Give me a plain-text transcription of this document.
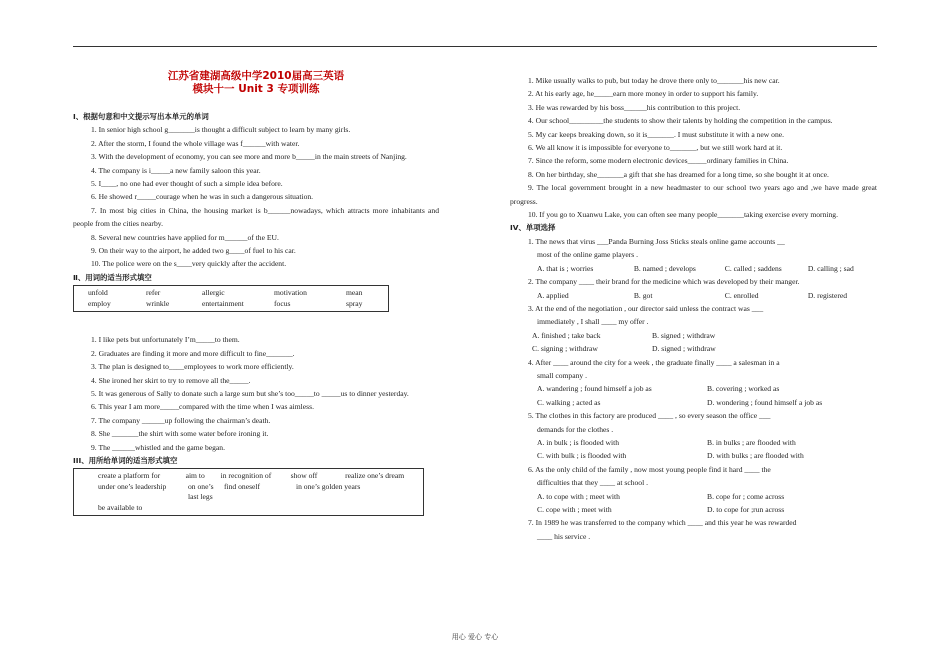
江苏省建湖高级中学2010届高三英语
模块十一 Unit 3 专项训练
Ⅰ、根据句意和中文提示写出本单元的单词
1. In senior high school g_______is thought a difficult subject to learn by many girls.
2. After the storm, I found the whole village was f______with water.
3. With the development of economy, you can see more and more b_____in the main streets of Nanjing.
4. The company is i_____a new family saloon this year.
5. I____, no one had ever thought of such a simple idea before.
6. He showed r_____courage when he was in such a dangerous situation.
7. In most big cities in China, the housing market is b______nowadays, which attracts more inhabitants and people from the cities nearby.
8. Several new countries have applied for m______of the EU.
9. On their way to the airport, he added two g____of fuel to his car.
10. The police were on the s____very quickly after the accident.
Ⅱ、用词的适当形式填空
unfold	refer	allergic	motivation	mean
employ	wrinkle	entertainment	focus	spray
1. I like pets but unfortunately I’m_____to them.
2. Graduates are finding it more and more difficult to fine_______.
3. The plan is designed to____employees to work more efficiently.
4. She ironed her skirt to try to remove all the_____.
5. It was generous of Sally to donate such a large sum but she’s too_____to _____us to dinner yesterday.
6. This year I am more_____compared with the time when I was aimless.
7. The company ______up following the chairman’s death.
8. She _______the shirt with some water before ironing it.
9. The ______whistled and the game began.
III、用所给单词的适当形式填空
create a platform for	aim to	in recognition of	show off	realize one’s dream
under one’s leadership	on one’s last legs
find oneself	in one’s golden years
be available to
1. Mike usually walks to pub, but today he drove there only to_______his new car.
2. At his early age, he_____earn more money in order to support his family.
3. He was rewarded by his boss______his contribution to this project.
4. Our school_________the students to show their talents by holding the competition in the campus.
5. My car keeps breaking down, so it is_______. I must substitute it with a new one.
6. We all know it is impossible for everyone to_______, but we still work hard at it.
7. Since the reform, some modern electronic devices_____ordinary families in China.
8. On her birthday, she_______a gift that she has dreamed for a long time, so she bought it at once.
9. The local government brought in a new headmaster to our school two years ago and ,we have made great progress.
10. If you go to Xuanwu Lake, you can often see many people_______taking exercise every morning.
IV、单项选择
1. The news that virus ___Panda Burning Joss Sticks steals online game accounts __
most of the online game players .
A. that is ; worries	B. named ; develops	C. called ; saddens	D. calling ; sad
2. The company ____ their brand for the medicine which was developed by their manger.
A. applied	B. got	C. enrolled	D. registered
3. At the end of the negotiation , our director said unless the contract was ___
immediately , I shall ____ my offer .
A. finished ; take back	B. signed ; withdraw
C. signing ; withdraw	D. signed ; withdraw
4. After ____ around the city for a week , the graduate finally ____ a salesman in a
small company .
A. wandering ; found himself a job as	B. covering ; worked as
C. walking ; acted as	D. wondering ; found himself a job as
5. The clothes in this factory are produced ____ , so every season the office ___
demands for the clothes .
A. in bulk ; is flooded with	B. in bulks ; are flooded with
C. with bulk ; is flooded with	D. with bulks ; are flooded with
6. As the only child of the family , now most young people find it hard ____ the
difficulties that they ____ at school .
A. to cope with ; meet with	B. cope for ; come across
C. cope with ; meet with	D. to cope for ;run across
7. In 1989 he was transferred to the company which ____ and this year he was rewarded
____ his service .
用心 爱心 专心
